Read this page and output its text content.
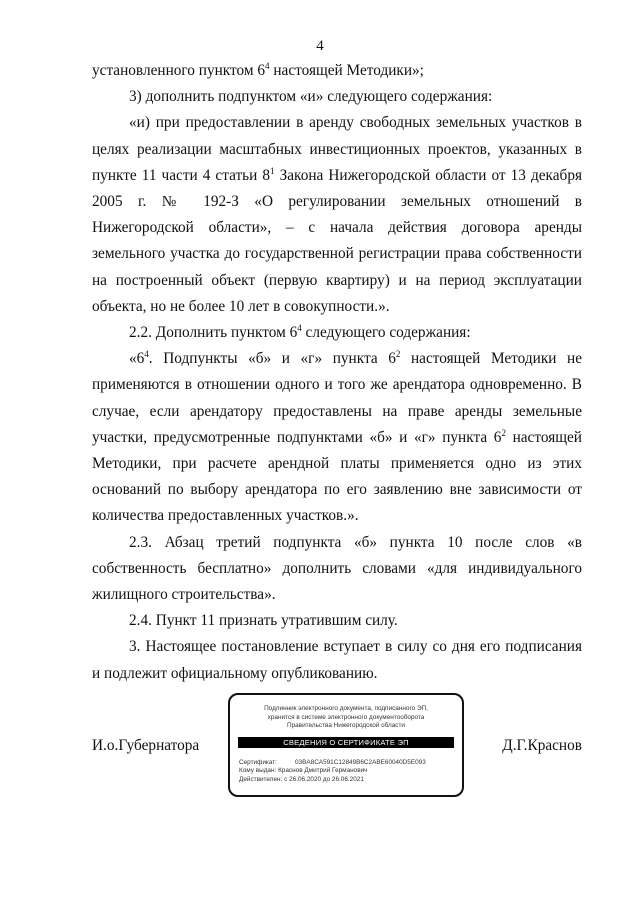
4

установленного пунктом $6^4$ настоящей Методики»;

3) дополнить подпунктом «и» следующего содержания:

«и) при предоставлении в аренду свободных земельных участков в целях реализации масштабных инвестиционных проектов, указанных в пункте 11 части 4 статьи $8^1$ Закона Нижегородской области от 13 декабря 2005 г. № 192-З «О регулировании земельных отношений в Нижегородской области», – с начала действия договора аренды земельного участка до государственной регистрации права собственности на построенный объект (первую квартиру) и на период эксплуатации объекта, но не более 10 лет в совокупности.».

2.2. Дополнить пунктом $6^4$ следующего содержания:

«$6^4$. Подпункты «б» и «г» пункта $6^2$ настоящей Методики не применяются в отношении одного и того же арендатора одновременно. В случае, если арендатору предоставлены на праве аренды земельные участки, предусмотренные подпунктами «б» и «г» пункта $6^2$ настоящей Методики, при расчете арендной платы применяется одно из этих оснований по выбору арендатора по его заявлению вне зависимости от количества предоставленных участков.».

2.3. Абзац третий подпункта «б» пункта 10 после слов «в собственность бесплатно» дополнить словами «для индивидуального жилищного строительства».

2.4. Пункт 11 признать утратившим силу.

3. Настоящее постановление вступает в силу со дня его подписания и подлежит официальному опубликованию.

И.о.Губернатора	Д.Г.Краснов
Подлинник электронного документа, подписанного ЭП,
хранится в системе электронного документооборота
Правительства Нижегородской области
СВЕДЕНИЯ О СЕРТИФИКАТЕ ЭП
Сертификат:	03BA8CA591C12849B6C2ABE60040D5E093
Кому выдан: Краснов Дмитрий Германович
Действителен: с 26.06.2020 до 26.06.2021
